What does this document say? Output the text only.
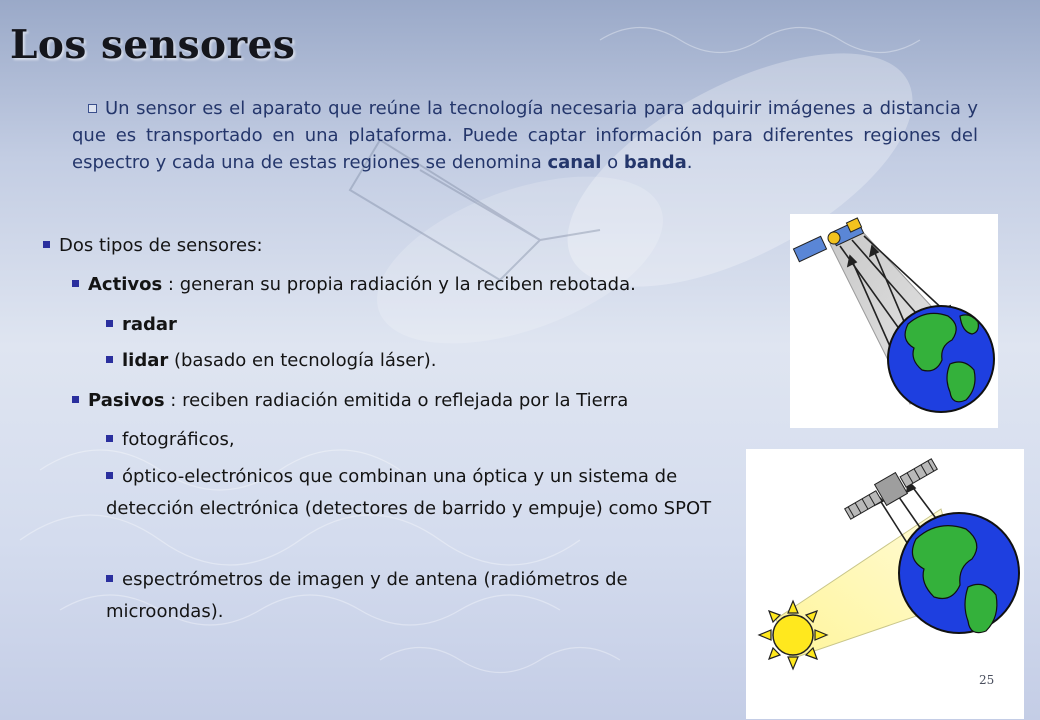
Los sensores

Un sensor es el aparato que reúne la tecnología necesaria para adquirir imágenes a distancia y que es transportado en una plataforma. Puede captar información para diferentes regiones del espectro y cada una de estas regiones se denomina canal o banda.

Dos tipos de sensores:

Activos : generan su propia radiación y la reciben rebotada.

radar

lidar (basado en tecnología láser).

Pasivos : reciben radiación emitida o reflejada por la Tierra

fotográficos,

óptico-electrónicos que combinan una óptica y un sistema de detección electrónica (detectores de barrido y empuje) como SPOT

espectrómetros de imagen y de antena (radiómetros de microondas).

25
